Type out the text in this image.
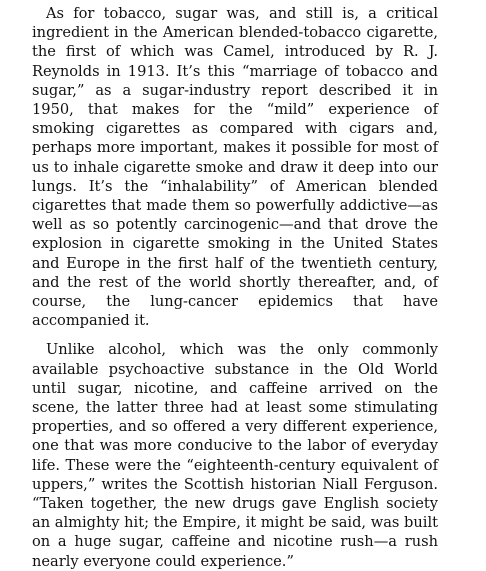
As for tobacco, sugar was, and still is, a critical ingredient in the American blended-tobacco cigarette, the first of which was Camel, introduced by R. J. Reynolds in 1913. It’s this “marriage of tobacco and sugar,” as a sugar-industry report described it in 1950, that makes for the “mild” experience of smoking cigarettes as compared with cigars and, perhaps more important, makes it possible for most of us to inhale cigarette smoke and draw it deep into our lungs. It’s the “inhalability” of American blended cigarettes that made them so powerfully addictive—as well as so potently carcinogenic—and that drove the explosion in cigarette smoking in the United States and Europe in the first half of the twentieth century, and the rest of the world shortly thereafter, and, of course, the lung-cancer epidemics that have accompanied it.

Unlike alcohol, which was the only commonly available psychoactive substance in the Old World until sugar, nicotine, and caffeine arrived on the scene, the latter three had at least some stimulating properties, and so offered a very different experience, one that was more conducive to the labor of everyday life. These were the “eighteenth-century equivalent of uppers,” writes the Scottish historian Niall Ferguson. “Taken together, the new drugs gave English society an almighty hit; the Empire, it might be said, was built on a huge sugar, caffeine and nicotine rush—a rush nearly everyone could experience.”
